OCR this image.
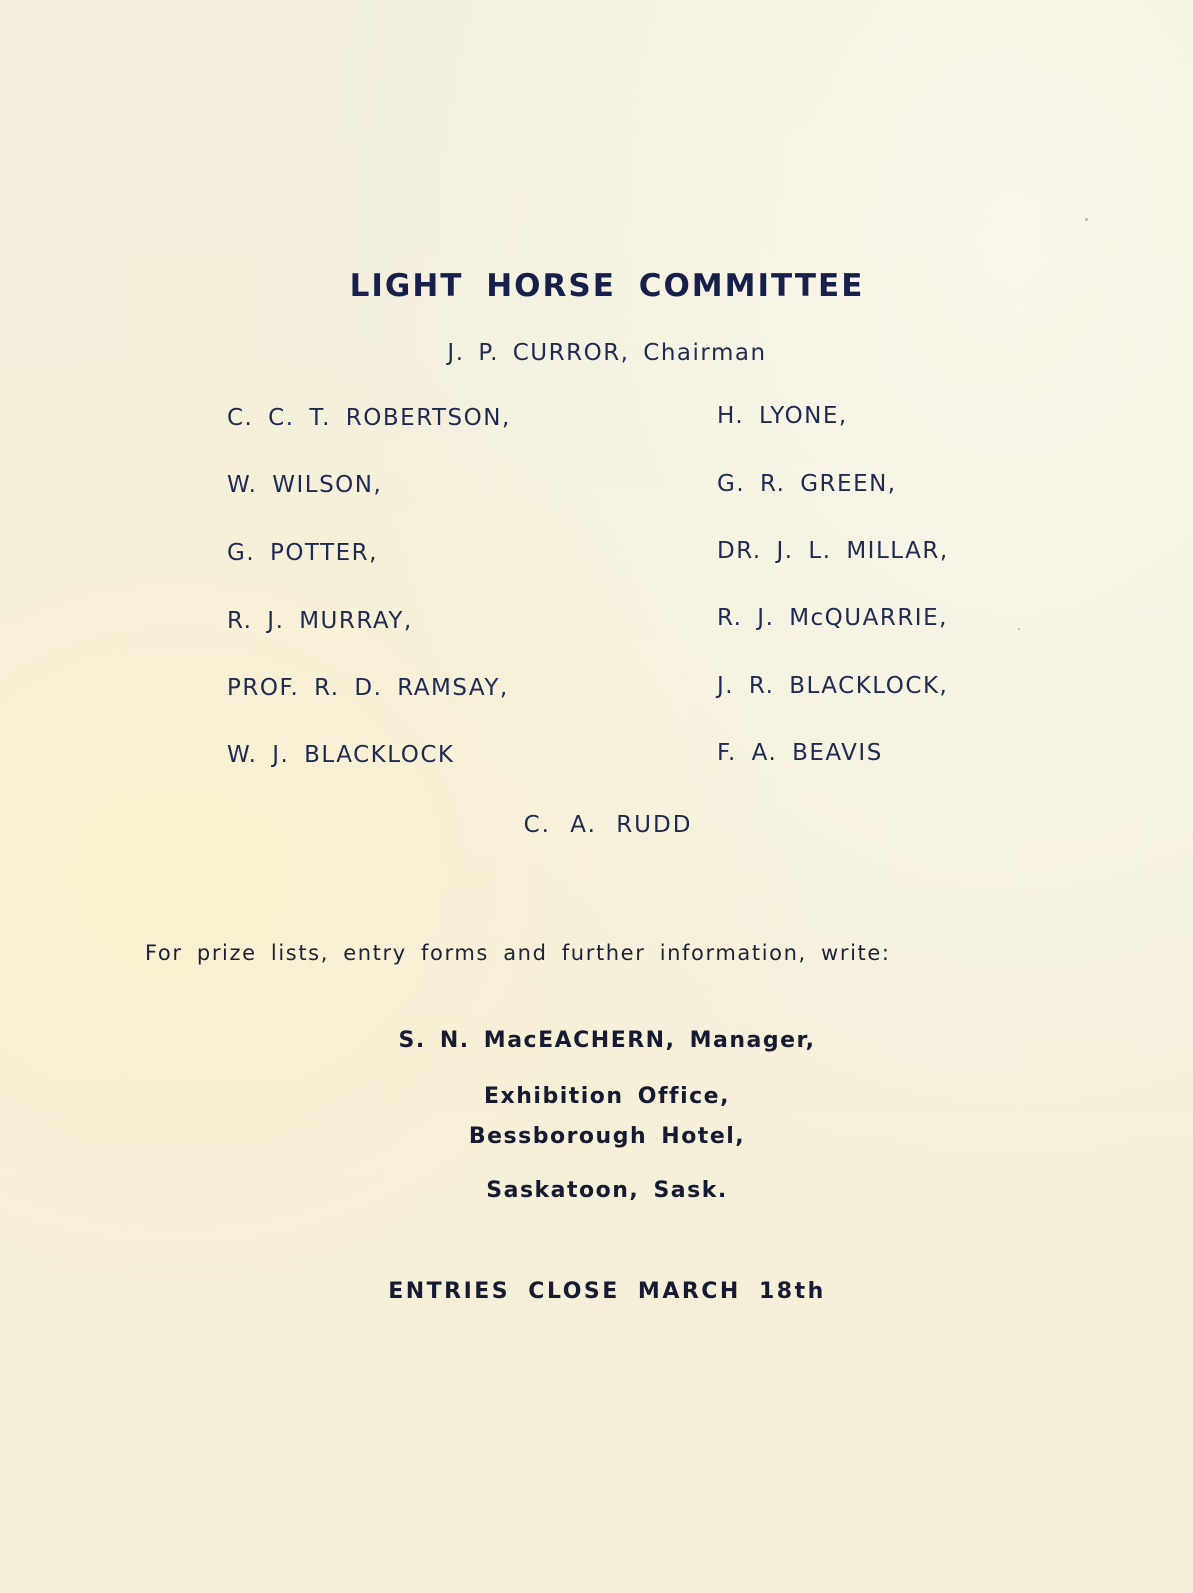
LIGHT HORSE COMMITTEE
J. P. CURROR, Chairman
C. C. T. ROBERTSON,
W. WILSON,
G. POTTER,
R. J. MURRAY,
PROF. R. D. RAMSAY,
W. J. BLACKLOCK
H. LYONE,
G. R. GREEN,
DR. J. L. MILLAR,
R. J. McQUARRIE,
J. R. BLACKLOCK,
F. A. BEAVIS
C. A. RUDD
For prize lists, entry forms and further information, write:
S. N. MacEACHERN, Manager,
Exhibition Office,
Bessborough Hotel,
Saskatoon, Sask.
ENTRIES CLOSE MARCH 18th
